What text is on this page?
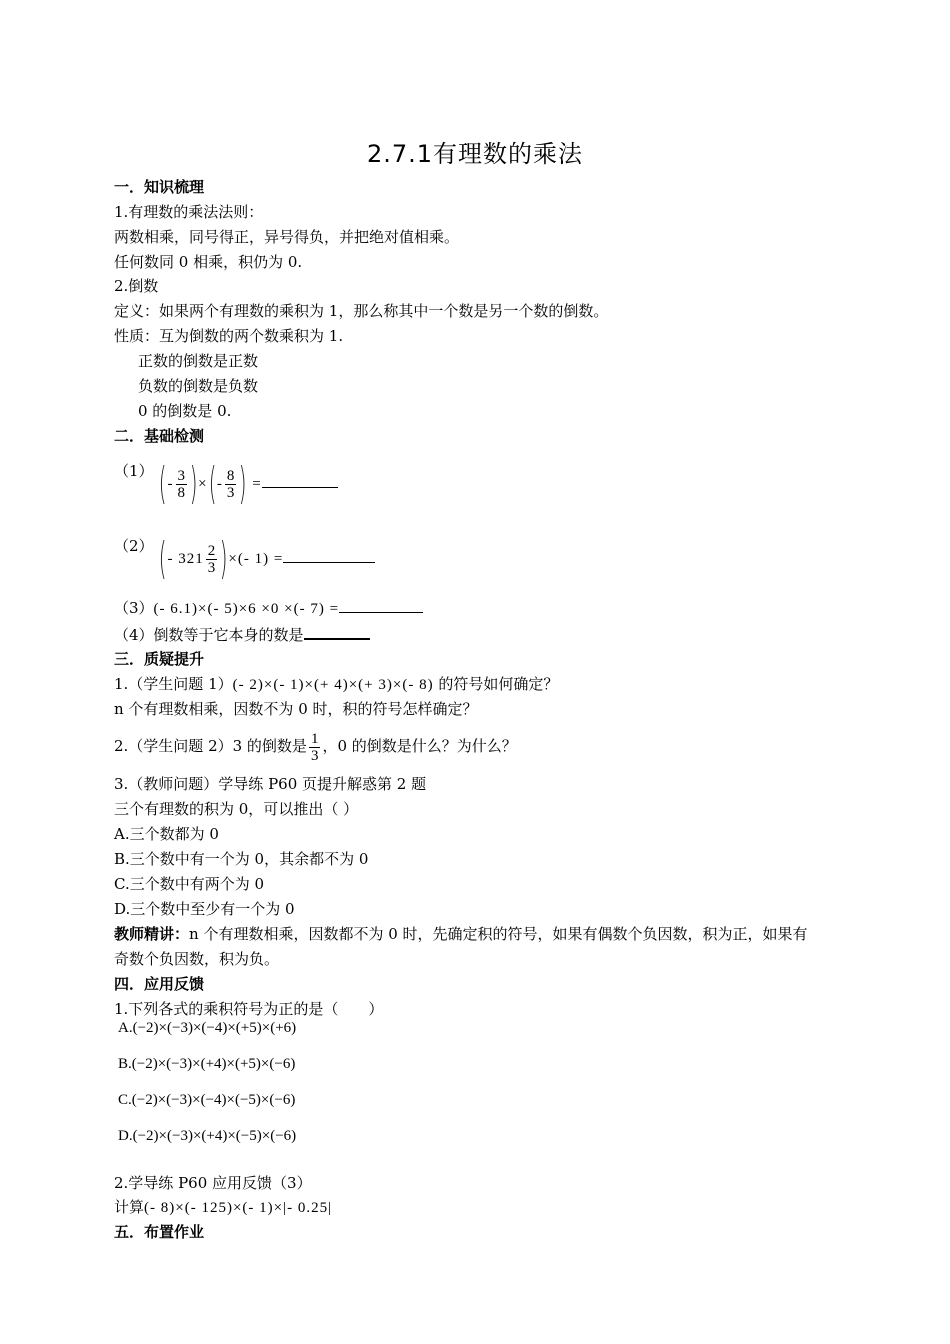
2.7.1有理数的乘法
一．知识梳理
1.有理数的乘法法则：
两数相乘，同号得正，异号得负，并把绝对值相乘。
任何数同 0 相乘，积仍为 0.
2.倒数
定义：如果两个有理数的乘积为 1，那么称其中一个数是另一个数的倒数。
性质：互为倒数的两个数乘积为 1.
正数的倒数是正数
负数的倒数是负数
0 的倒数是 0.
二．基础检测
（1） (- $\frac{3}{8}$ )×(- $\frac{8}{3}$ ) =
（2） (- $321 \frac{2}{3}$ )×(- 1) =
（3）(- 6.1)×(- 5)×6 ×0 ×(- 7) =
（4）倒数等于它本身的数是
三．质疑提升
1.（学生问题 1）(- 2)×(- 1)×(+ 4)×(+ 3)×(- 8) 的符号如何确定？
n 个有理数相乘，因数不为 0 时，积的符号怎样确定？
2.（学生问题 2）3 的倒数是 $\frac{1}{3}$ ，0 的倒数是什么？为什么？
3.（教师问题）学导练 P60 页提升解惑第 2 题
三个有理数的积为 0，可以推出（ ）
A.三个数都为 0
B.三个数中有一个为 0，其余都不为 0
C.三个数中有两个为 0
D.三个数中至少有一个为 0
教师精讲：n 个有理数相乘，因数都不为 0 时，先确定积的符号，如果有偶数个负因数，积为正，如果有
奇数个负因数，积为负。
四．应用反馈
1.下列各式的乘积符号为正的是（　　）
A.(−2)×(−3)×(−4)×(+5)×(+6)
B.(−2)×(−3)×(+4)×(+5)×(−6)
C.(−2)×(−3)×(−4)×(−5)×(−6)
D.(−2)×(−3)×(+4)×(−5)×(−6)
2.学导练 P60 应用反馈（3）
计算(- 8)×(- 125)×(- 1)×|- 0.25|
五．布置作业
